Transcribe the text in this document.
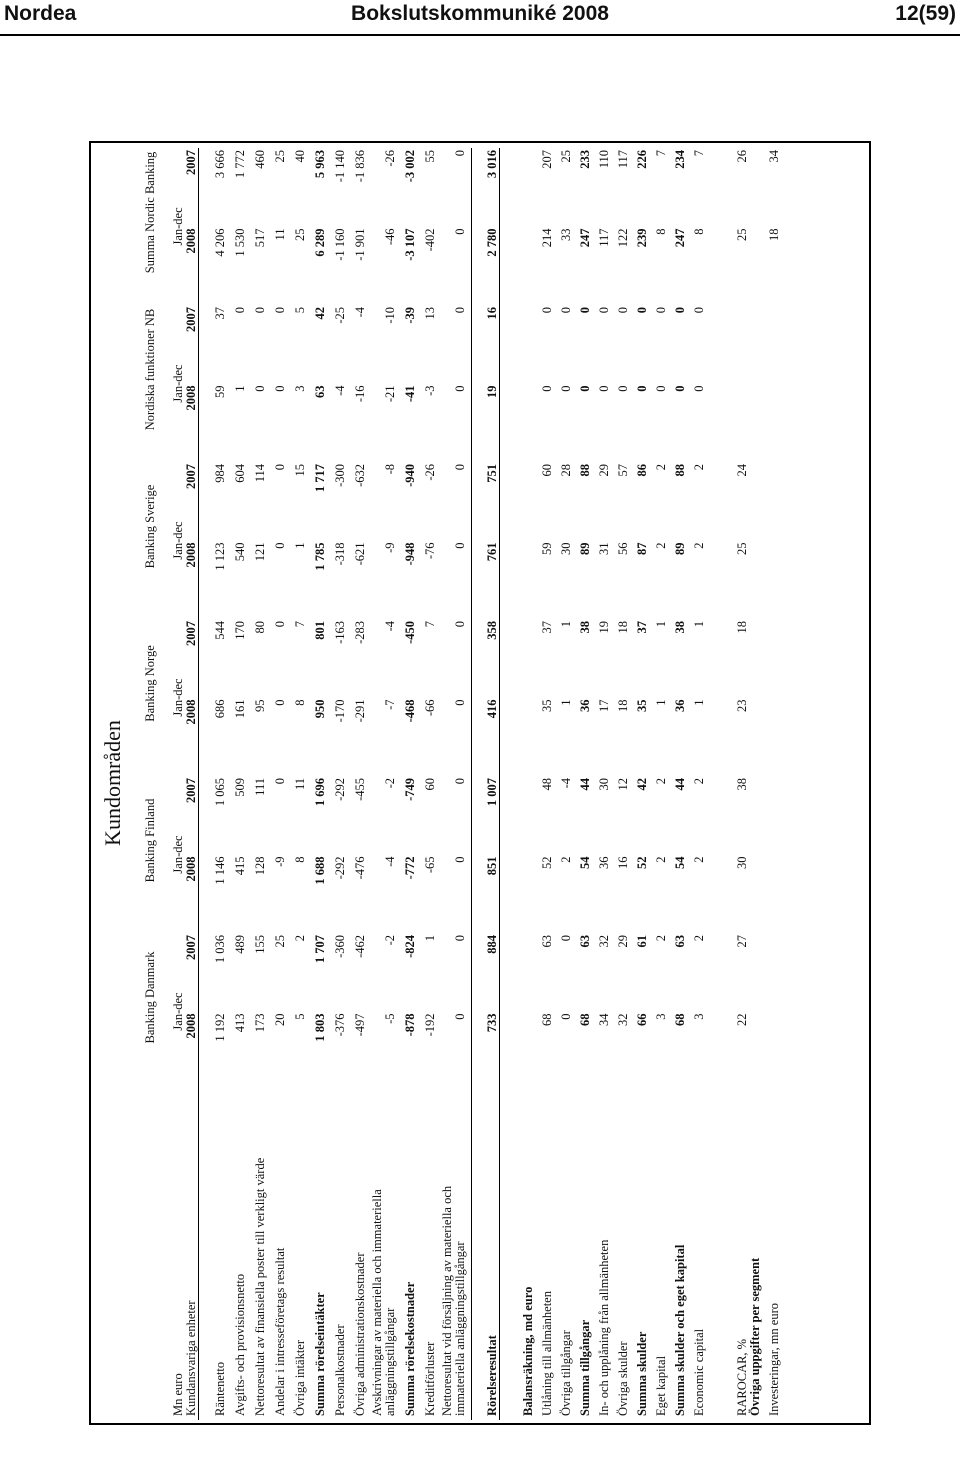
Nordea	Bokslutskommuniké 2008	12(59)
Kundområden
	Banking Danmark		Banking Finland		Banking Norge		Banking Sverige		Nordiska funktioner NB		Summa Nordic Banking	
Mn euro	Jan-dec		Jan-dec		Jan-dec		Jan-dec		Jan-dec		Jan-dec	
Kundansvariga enheter	2008	2007	2008	2007	2008	2007	2008	2007	2008	2007	2008	2007

Räntenetto	1 192	1 036	1 146	1 065	686	544	1 123	984	59	37	4 206	3 666
Avgifts- och provisionsnetto	413	489	415	509	161	170	540	604	1	0	1 530	1 772
Nettoresultat av finansiella poster till verkligt värde	173	155	128	111	95	80	121	114	0	0	517	460
Andelar i intresseföretags resultat	20	25	-9	0	0	0	0	0	0	0	11	25
Övriga intäkter	5	2	8	11	8	7	1	15	3	5	25	40
Summa rörelseintäkter	1 803	1 707	1 688	1 696	950	801	1 785	1 717	63	42	6 289	5 963
Personalkostnader	-376	-360	-292	-292	-170	-163	-318	-300	-4	-25	-1 160	-1 140
Övriga administrationskostnader	-497	-462	-476	-455	-291	-283	-621	-632	-16	-4	-1 901	-1 836
Avskrivningar av materiella och immateriella
anläggningstillgångar	-5	-2	-4	-2	-7	-4	-9	-8	-21	-10	-46	-26
Summa rörelsekostnader	-878	-824	-772	-749	-468	-450	-948	-940	-41	-39	-3 107	-3 002
Kreditförluster	-192	1	-65	60	-66	7	-76	-26	-3	13	-402	55
Nettoresultat vid försäljning av materiella och
immateriella anläggningstillgångar	0	0	0	0	0	0	0	0	0	0	0	0

Rörelseresultat	733	884	851	1 007	416	358	761	751	19	16	2 780	3 016

Balansräkning, md euro												
Utlåning till allmänheten	68	63	52	48	35	37	59	60	0	0	214	207
Övriga tillgångar	0	0	2	-4	1	1	30	28	0	0	33	25
Summa tillgångar	68	63	54	44	36	38	89	88	0	0	247	233
In- och upplåning från allmänheten	34	32	36	30	17	19	31	29	0	0	117	110
Övriga skulder	32	29	16	12	18	18	56	57	0	0	122	117
Summa skulder	66	61	52	42	35	37	87	86	0	0	239	226
Eget kapital	3	2	2	2	1	1	2	2	0	0	8	7
Summa skulder och eget kapital	68	63	54	44	36	38	89	88	0	0	247	234
Economic capital	3	2	2	2	1	1	2	2	0	0	8	7

RAROCAR, %	22	27	30	38	23	18	25	24			25	26
Övriga uppgifter per segment												
Investeringar, mn euro											18	34
